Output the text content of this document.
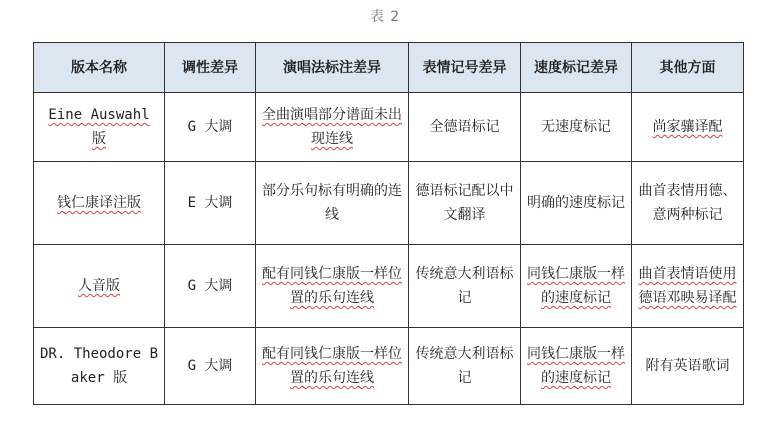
表 2
版本名称	调性差异	演唱法标注差异	表情记号差异	速度标记差异	其他方面
Eine Auswahl 版	G 大调	全曲演唱部分谱面未出现连线	全德语标记	无速度标记	尚家骧译配
钱仁康译注版	E 大调	部分乐句标有明确的连线	德语标记配以中文翻译	明确的速度标记	曲首表情用德、意两种标记
人音版	G 大调	配有同钱仁康版一样位置的乐句连线	传统意大利语标记	同钱仁康版一样的速度标记	曲首表情语使用德语邓映易译配
DR. Theodore Baker 版	G 大调	配有同钱仁康版一样位置的乐句连线	传统意大利语标记	同钱仁康版一样的速度标记	附有英语歌词
